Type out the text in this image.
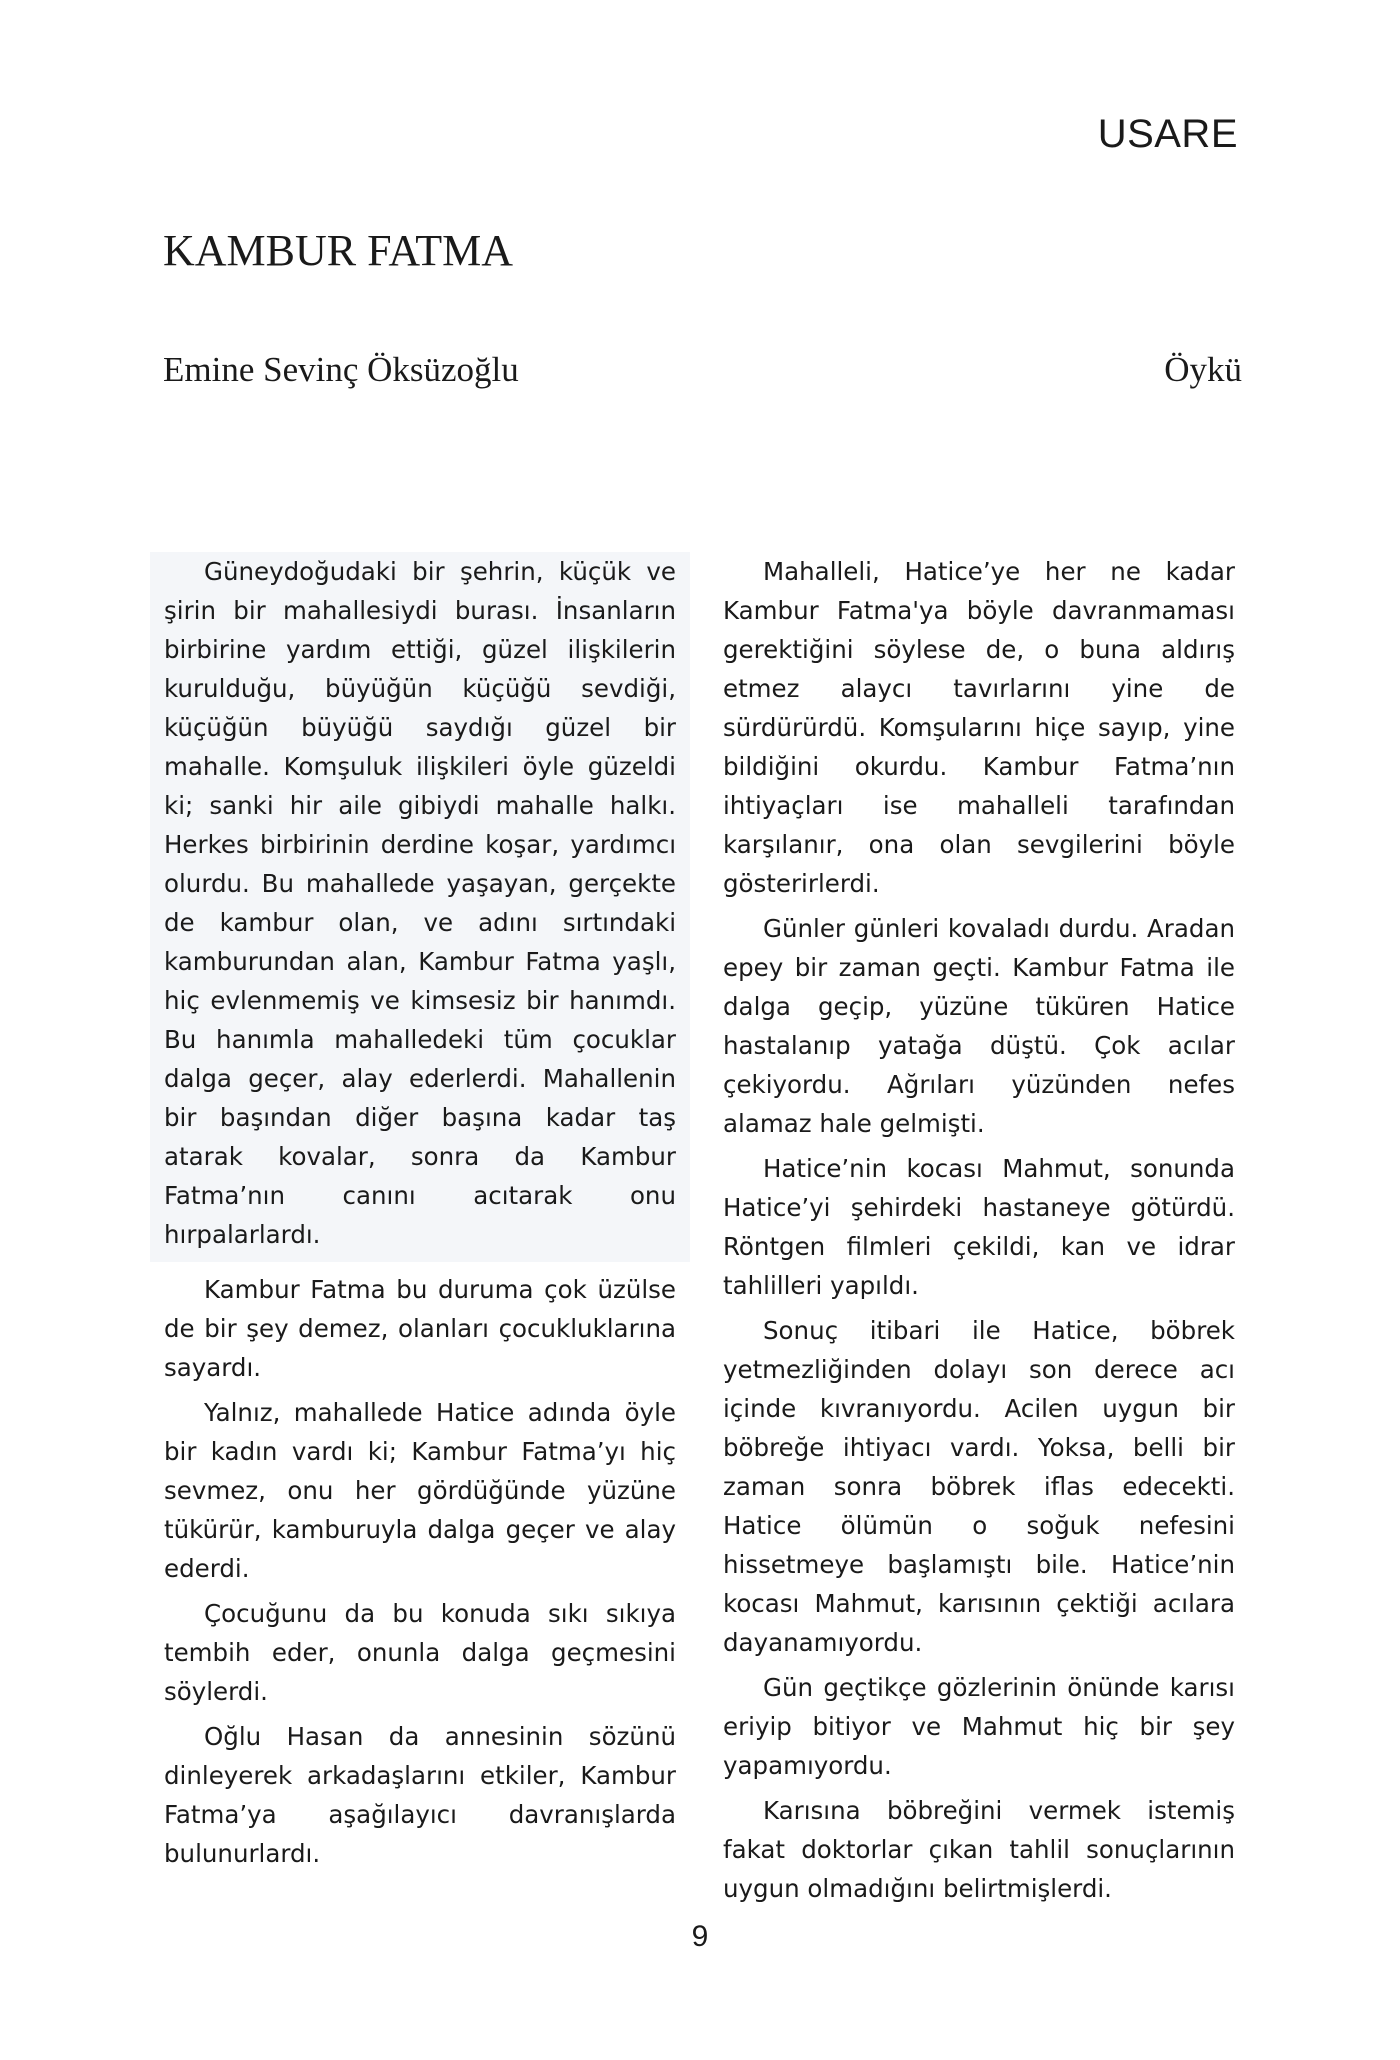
USARE
KAMBUR FATMA
Emine Sevinç Öksüzoğlu	Öykü

Güneydoğudaki bir şehrin, küçük ve şirin bir mahallesiydi burası. İnsanların birbirine yardım ettiği, güzel ilişkilerin kurulduğu, büyüğün küçüğü sevdiği, küçüğün büyüğü saydığı güzel bir mahalle. Komşuluk ilişkileri öyle güzeldi ki; sanki hir aile gibiydi mahalle halkı. Herkes birbirinin derdine koşar, yardımcı olurdu. Bu mahallede yaşayan, gerçekte de kambur olan, ve adını sırtındaki kamburundan alan, Kambur Fatma yaşlı, hiç evlenmemiş ve kimsesiz bir hanımdı. Bu hanımla mahalledeki tüm çocuklar dalga geçer, alay ederlerdi. Mahallenin bir başından diğer başına kadar taş atarak kovalar, sonra da Kambur Fatma’nın canını acıtarak onu hırpalarlardı.

Kambur Fatma bu duruma çok üzülse de bir şey demez, olanları çocukluklarına sayardı.

Yalnız, mahallede Hatice adında öyle bir kadın vardı ki; Kambur Fatma’yı hiç sevmez, onu her gördüğünde yüzüne tükürür, kamburuyla dalga geçer ve alay ederdi.

Çocuğunu da bu konuda sıkı sıkıya tembih eder, onunla dalga geçmesini söylerdi.

Oğlu Hasan da annesinin sözünü dinleyerek arkadaşlarını etkiler, Kambur Fatma’ya aşağılayıcı davranışlarda bulunurlardı.

Mahalleli, Hatice’ye her ne kadar Kambur Fatma'ya böyle davranmaması gerektiğini söylese de, o buna aldırış etmez alaycı tavırlarını yine de sürdürürdü. Komşularını hiçe sayıp, yine bildiğini okurdu. Kambur Fatma’nın ihtiyaçları ise mahalleli tarafından karşılanır, ona olan sevgilerini böyle gösterirlerdi.

Günler günleri kovaladı durdu. Aradan epey bir zaman geçti. Kambur Fatma ile dalga geçip, yüzüne tüküren Hatice hastalanıp yatağa düştü. Çok acılar çekiyordu. Ağrıları yüzünden nefes alamaz hale gelmişti.

Hatice’nin kocası Mahmut, sonunda Hatice’yi şehirdeki hastaneye götürdü. Röntgen filmleri çekildi, kan ve idrar tahlilleri yapıldı.

Sonuç itibari ile Hatice, böbrek yetmezliğinden dolayı son derece acı içinde kıvranıyordu. Acilen uygun bir böbreğe ihtiyacı vardı. Yoksa, belli bir zaman sonra böbrek iflas edecekti. Hatice ölümün o soğuk nefesini hissetmeye başlamıştı bile. Hatice’nin kocası Mahmut, karısının çektiği acılara dayanamıyordu.

Gün geçtikçe gözlerinin önünde karısı eriyip bitiyor ve Mahmut hiç bir şey yapamıyordu.

Karısına böbreğini vermek istemiş fakat doktorlar çıkan tahlil sonuçlarının uygun olmadığını belirtmişlerdi.

9
